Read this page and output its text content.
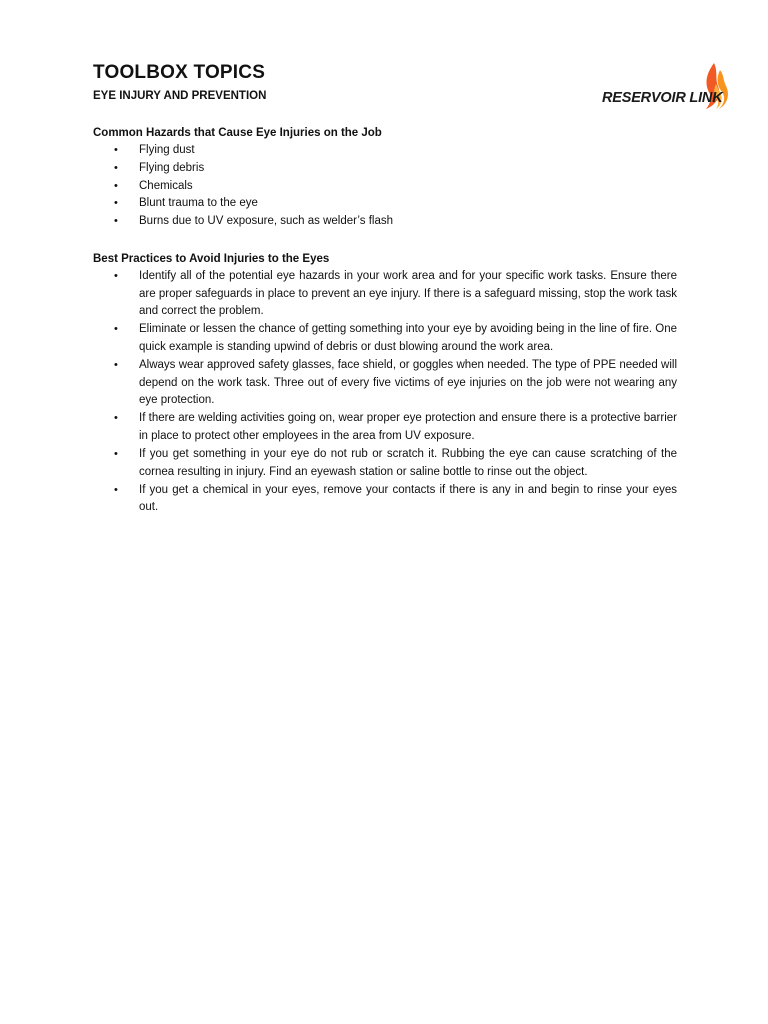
TOOLBOX TOPICS
EYE INJURY AND PREVENTION	RESERVOIR LINK

Common Hazards that Cause Eye Injuries on the Job

• Flying dust
• Flying debris
• Chemicals
• Blunt trauma to the eye
• Burns due to UV exposure, such as welder’s flash

Best Practices to Avoid Injuries to the Eyes

• Identify all of the potential eye hazards in your work area and for your specific work tasks. Ensure there are proper safeguards in place to prevent an eye injury. If there is a safeguard missing, stop the work task and correct the problem.
• Eliminate or lessen the chance of getting something into your eye by avoiding being in the line of fire. One quick example is standing upwind of debris or dust blowing around the work area.
• Always wear approved safety glasses, face shield, or goggles when needed. The type of PPE needed will depend on the work task. Three out of every five victims of eye injuries on the job were not wearing any eye protection.
• If there are welding activities going on, wear proper eye protection and ensure there is a protective barrier in place to protect other employees in the area from UV exposure.
• If you get something in your eye do not rub or scratch it. Rubbing the eye can cause scratching of the cornea resulting in injury. Find an eyewash station or saline bottle to rinse out the object.
• If you get a chemical in your eyes, remove your contacts if there is any in and begin to rinse your eyes out.
